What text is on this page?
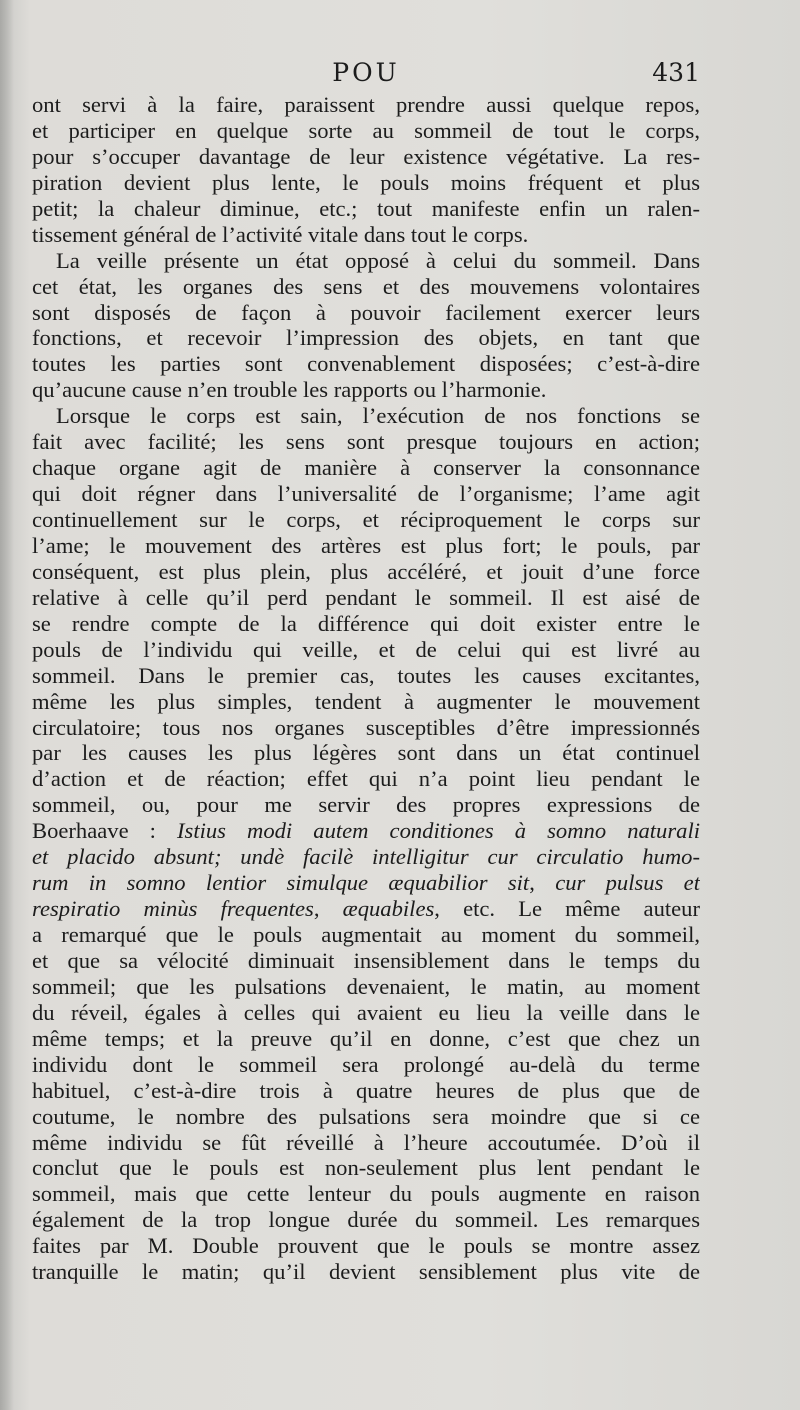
POU	431
ont servi à la faire, paraissent prendre aussi quelque repos,
et participer en quelque sorte au sommeil de tout le corps,
pour s’occuper davantage de leur existence végétative. La res-
piration devient plus lente, le pouls moins fréquent et plus
petit; la chaleur diminue, etc.; tout manifeste enfin un ralen-
tissement général de l’activité vitale dans tout le corps.
La veille présente un état opposé à celui du sommeil. Dans
cet état, les organes des sens et des mouvemens volontaires
sont disposés de façon à pouvoir facilement exercer leurs
fonctions, et recevoir l’impression des objets, en tant que
toutes les parties sont convenablement disposées; c’est-à-dire
qu’aucune cause n’en trouble les rapports ou l’harmonie.
Lorsque le corps est sain, l’exécution de nos fonctions se
fait avec facilité; les sens sont presque toujours en action;
chaque organe agit de manière à conserver la consonnance
qui doit régner dans l’universalité de l’organisme; l’ame agit
continuellement sur le corps, et réciproquement le corps sur
l’ame; le mouvement des artères est plus fort; le pouls, par
conséquent, est plus plein, plus accéléré, et jouit d’une force
relative à celle qu’il perd pendant le sommeil. Il est aisé de
se rendre compte de la différence qui doit exister entre le
pouls de l’individu qui veille, et de celui qui est livré au
sommeil. Dans le premier cas, toutes les causes excitantes,
même les plus simples, tendent à augmenter le mouvement
circulatoire; tous nos organes susceptibles d’être impressionnés
par les causes les plus légères sont dans un état continuel
d’action et de réaction; effet qui n’a point lieu pendant le
sommeil, ou, pour me servir des propres expressions de
Boerhaave : Istius modi autem conditiones à somno naturali
et placido absunt; undè facilè intelligitur cur circulatio humo-
rum in somno lentior simulque æquabilior sit, cur pulsus et
respiratio minùs frequentes, æquabiles, etc. Le même auteur
a remarqué que le pouls augmentait au moment du sommeil,
et que sa vélocité diminuait insensiblement dans le temps du
sommeil; que les pulsations devenaient, le matin, au moment
du réveil, égales à celles qui avaient eu lieu la veille dans le
même temps; et la preuve qu’il en donne, c’est que chez un
individu dont le sommeil sera prolongé au-delà du terme
habituel, c’est-à-dire trois à quatre heures de plus que de
coutume, le nombre des pulsations sera moindre que si ce
même individu se fût réveillé à l’heure accoutumée. D’où il
conclut que le pouls est non-seulement plus lent pendant le
sommeil, mais que cette lenteur du pouls augmente en raison
également de la trop longue durée du sommeil. Les remarques
faites par M. Double prouvent que le pouls se montre assez
tranquille le matin; qu’il devient sensiblement plus vite de
